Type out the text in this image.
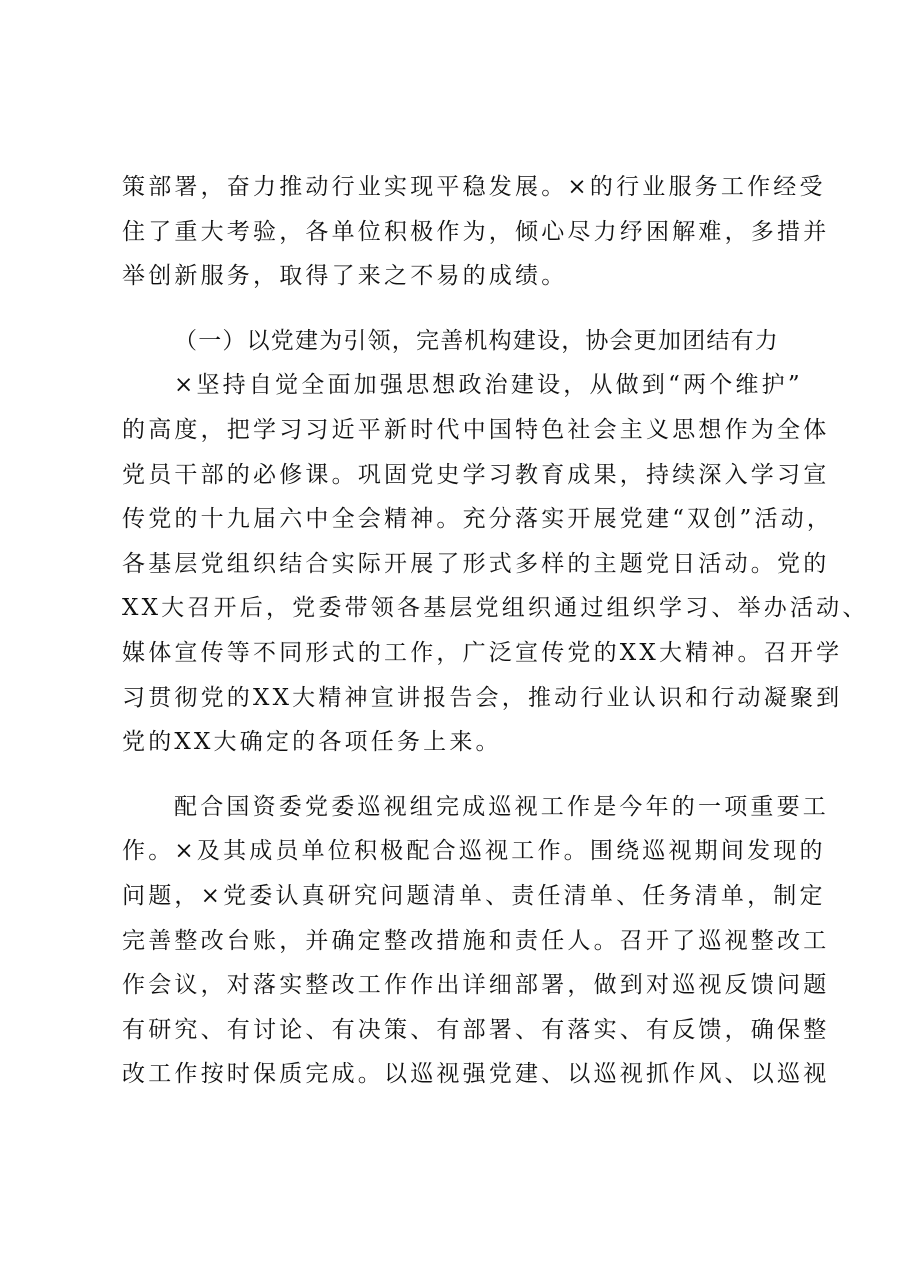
策部署，奋力推动行业实现平稳发展。×的行业服务工作经受
住了重大考验，各单位积极作为，倾心尽力纾困解难，多措并
举创新服务，取得了来之不易的成绩。
（一）以党建为引领，完善机构建设，协会更加团结有力
×坚持自觉全面加强思想政治建设，从做到“两个维护”
的高度，把学习习近平新时代中国特色社会主义思想作为全体
党员干部的必修课。巩固党史学习教育成果，持续深入学习宣
传党的十九届六中全会精神。充分落实开展党建“双创”活动，
各基层党组织结合实际开展了形式多样的主题党日活动。党的
XX大召开后，党委带领各基层党组织通过组织学习、举办活动、
媒体宣传等不同形式的工作，广泛宣传党的XX大精神。召开学
习贯彻党的XX大精神宣讲报告会，推动行业认识和行动凝聚到
党的XX大确定的各项任务上来。
配合国资委党委巡视组完成巡视工作是今年的一项重要工
作。×及其成员单位积极配合巡视工作。围绕巡视期间发现的
问题，×党委认真研究问题清单、责任清单、任务清单，制定
完善整改台账，并确定整改措施和责任人。召开了巡视整改工
作会议，对落实整改工作作出详细部署，做到对巡视反馈问题
有研究、有讨论、有决策、有部署、有落实、有反馈，确保整
改工作按时保质完成。以巡视强党建、以巡视抓作风、以巡视
